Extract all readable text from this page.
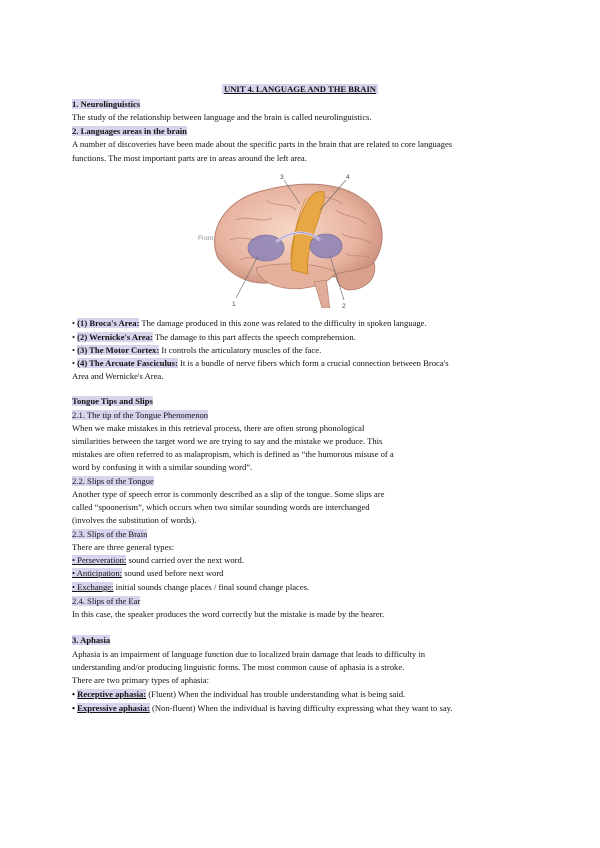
UNIT 4. LANGUAGE AND THE BRAIN
1. Neurolinguistics
The study of the relationship between language and the brain is called neurolinguistics.
2. Languages areas in the brain
A number of discoveries have been made about the specific parts in the brain that are related to core languages
functions. The most important parts are in areas around the left area.
1	2
3	4
Front
• (1) Broca's Area: The damage produced in this zone was related to the difficulty in spoken language.
• (2) Wernicke's Area: The damage to this part affects the speech comprehension.
• (3) The Motor Cortex: It controls the articulatory muscles of the face.
• (4) The Arcuate Fasciculus: It is a bundle of nerve fibers which form a crucial connection between Broca's
Area and Wernicke's Area.
Tongue Tips and Slips
2.1. The tip of the Tongue Phenomenon
When we make mistakes in this retrieval process, there are often strong phonological
similarities between the target word we are trying to say and the mistake we produce. This
mistakes are often referred to as malapropism, which is defined as “the humorous misuse of a
word by confusing it with a similar sounding word”.
2.2. Slips of the Tongue
Another type of speech error is commonly described as a slip of the tongue. Some slips are
called “spoonerism”, which occurs when two similar sounding words are interchanged
(involves the substitution of words).
2.3. Slips of the Brain
There are three general types:
• Perseveration: sound carried over the next word.
• Anticipation: sound used before next word
• Exchange: initial sounds change places / final sound change places.
2.4. Slips of the Ear
In this case, the speaker produces the word correctly but the mistake is made by the hearer.
3. Aphasia
Aphasia is an impairment of language function due to localized brain damage that leads to difficulty in
understanding and/or producing linguistic forms. The most common cause of aphasia is a stroke.
There are two primary types of aphasia:
• Receptive aphasia: (Fluent) When the individual has trouble understanding what is being said.
• Expressive aphasia: (Non-fluent) When the individual is having difficulty expressing what they want to say.
